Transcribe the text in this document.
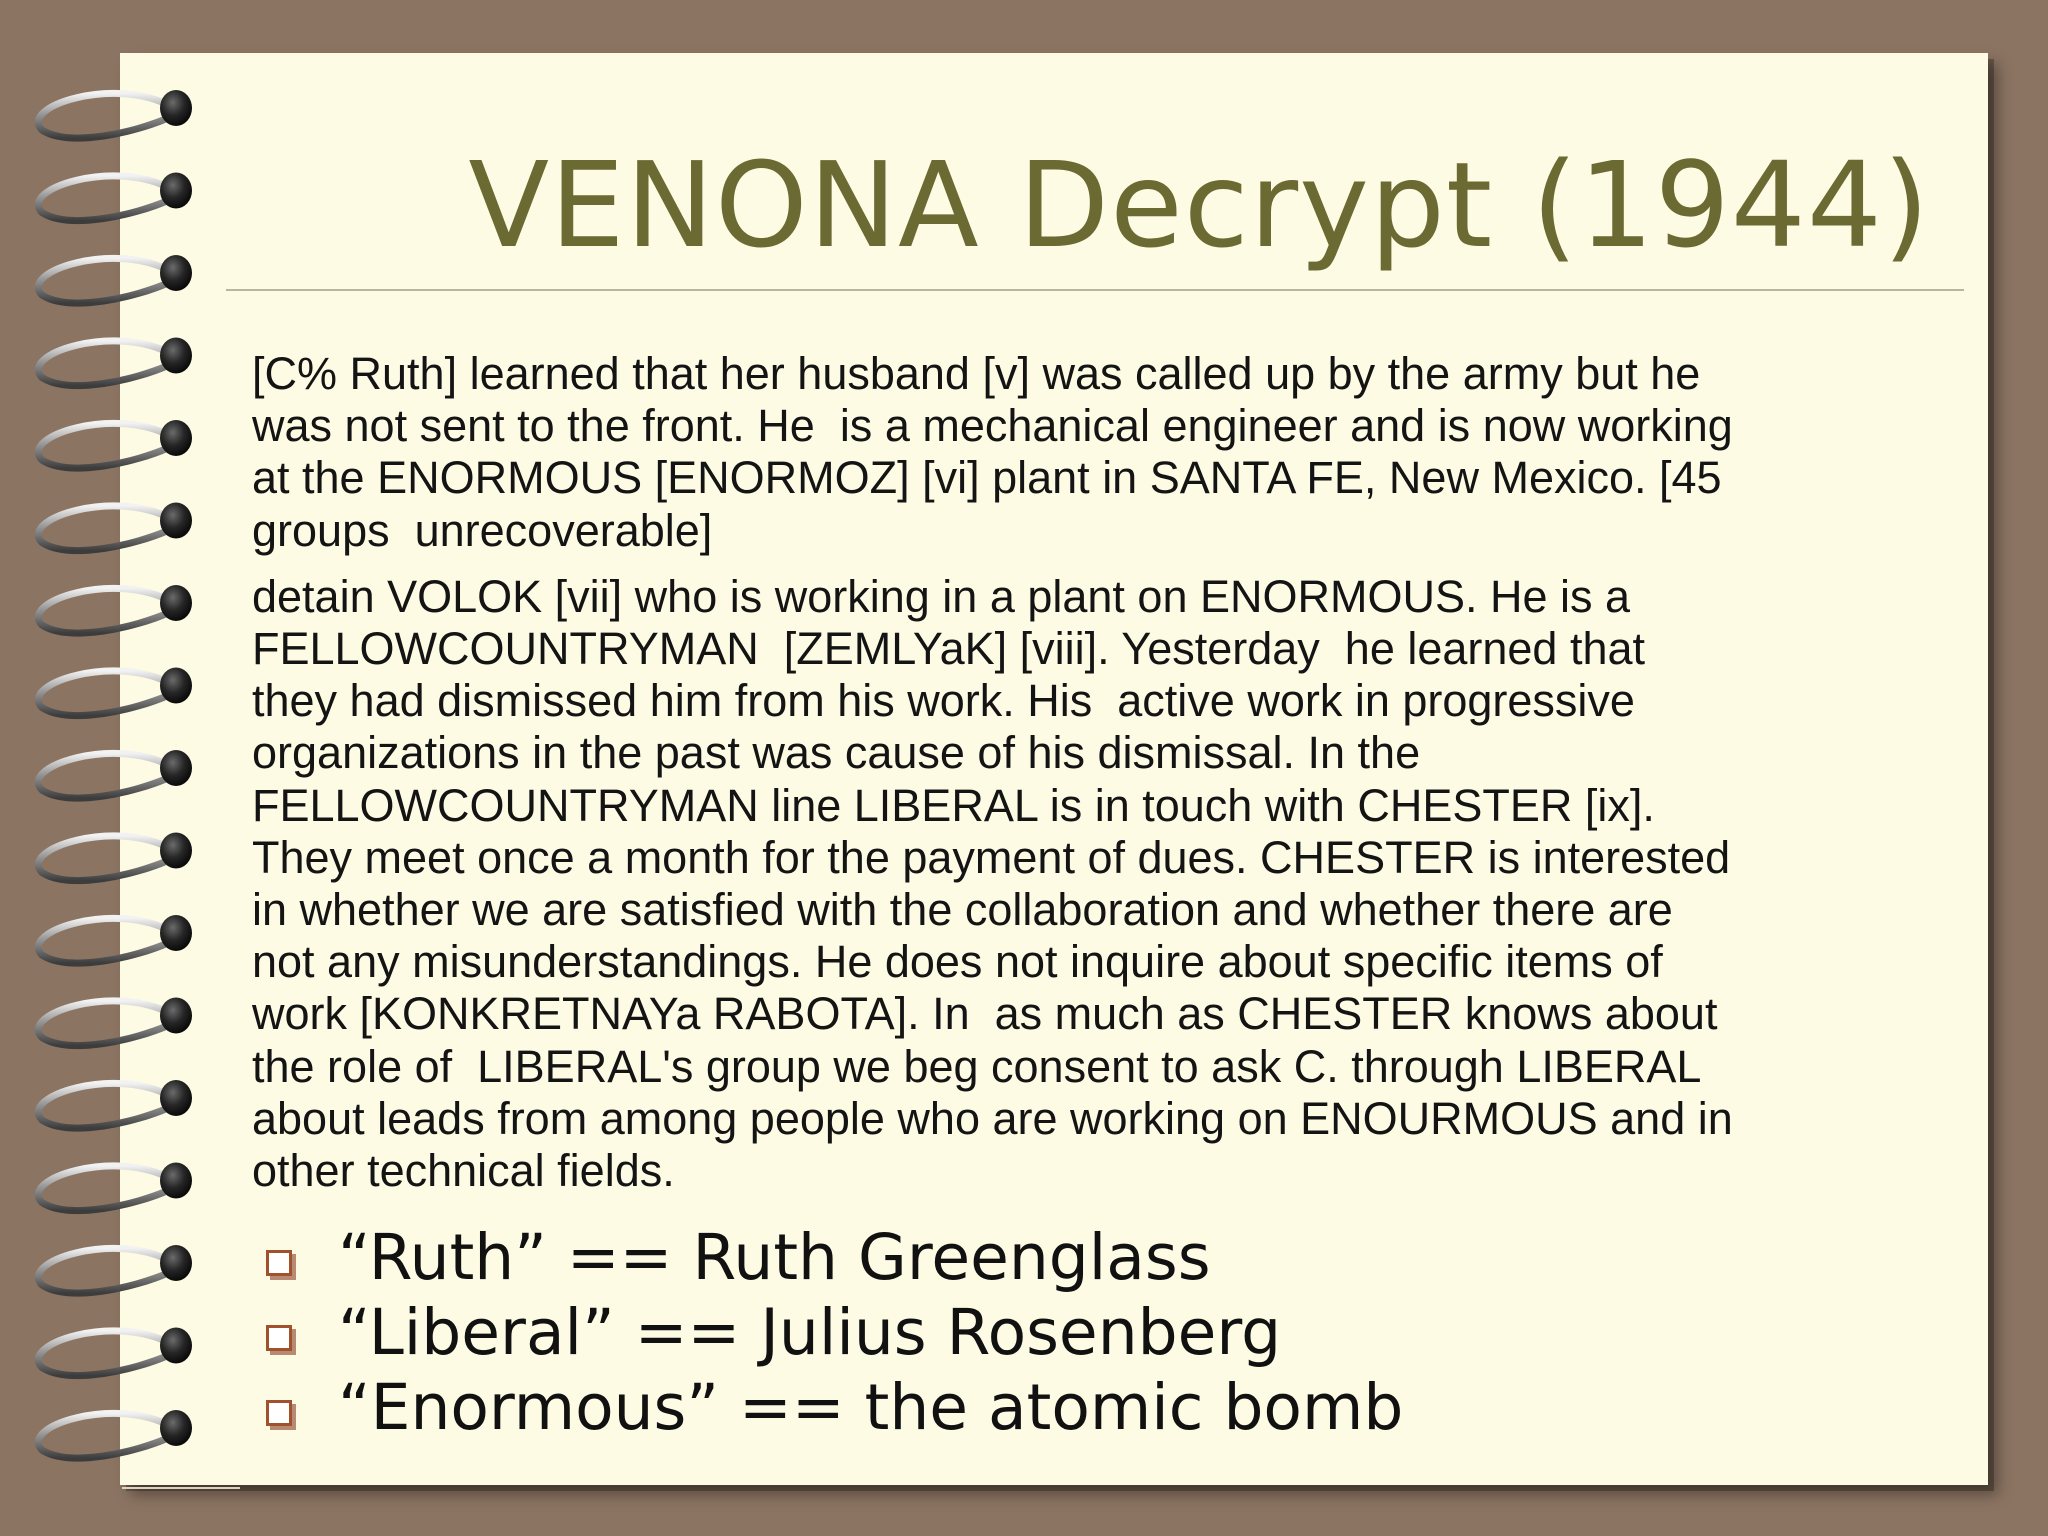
VENONA Decrypt (1944)

[C% Ruth] learned that her husband [v] was called up by the army but he
was not sent to the front. He  is a mechanical engineer and is now working
at the ENORMOUS [ENORMOZ] [vi] plant in SANTA FE, New Mexico. [45
groups  unrecoverable]

detain VOLOK [vii] who is working in a plant on ENORMOUS. He is a
FELLOWCOUNTRYMAN  [ZEMLYaK] [viii]. Yesterday  he learned that
they had dismissed him from his work. His  active work in progressive
organizations in the past was cause of his dismissal. In the
FELLOWCOUNTRYMAN line LIBERAL is in touch with CHESTER [ix].
They meet once a month for the payment of dues. CHESTER is interested
in whether we are satisfied with the collaboration and whether there are
not any misunderstandings. He does not inquire about specific items of
work [KONKRETNAYa RABOTA]. In  as much as CHESTER knows about
the role of  LIBERAL's group we beg consent to ask C. through LIBERAL
about leads from among people who are working on ENOURMOUS and in
other technical fields.

“Ruth” == Ruth Greenglass
“Liberal” == Julius Rosenberg
“Enormous” == the atomic bomb
